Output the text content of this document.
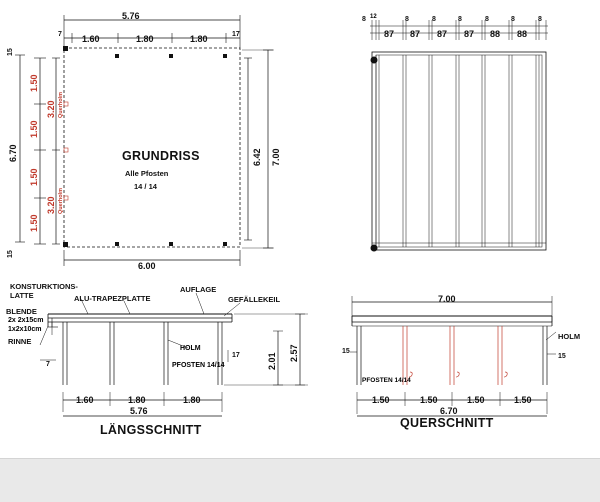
5.76
1.60	1.80	1.80
7	17
6.00
GRUNDRISS
Alle Pfosten
14 / 14
6.42 7.00
6.70
15
15
1.50
1.50
1.50
1.50
3.20
3.20
Querholm
Querholm
8 12	8	8	8	8	8	8
87 87 87 87 88 88
KONSTURKTIONS-
LATTE	ALU-TRAPEZPLATTE
AUFLAGE
GEFÄLLEKEIL
BLENDE
2x 2x15cm
1x2x10cm
RINNE
7
HOLM
PFOSTEN 14/14
17	2.01 2.57
1.60	1.80	1.80
5.76
LÄNGSSCHNITT
7.00
HOLM
15
15
PFOSTEN 14/14
1.50	1.50	1.50	1.50
6.70
QUERSCHNITT
